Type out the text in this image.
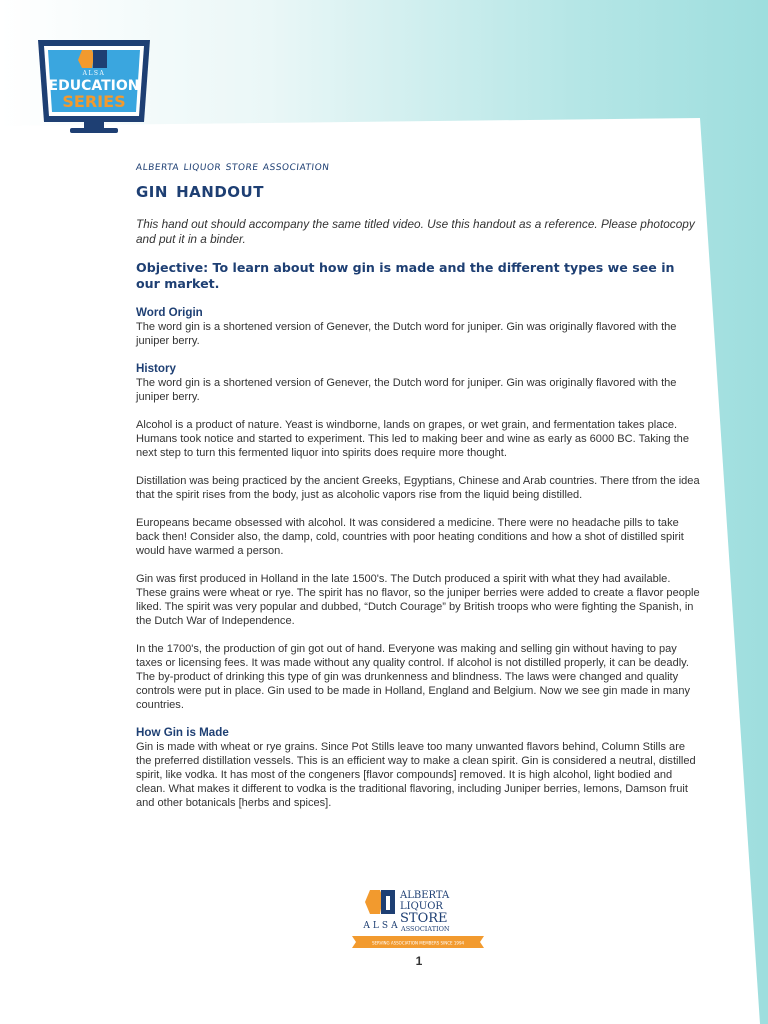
ALSA
EDUCATION
SERIES
alberta liquor store association
gin handout
This hand out should accompany the same titled video. Use this handout as a reference. Please photocopy and put it in a binder.
Objective: To learn about how gin is made and the different types we see in our market.
Word Origin

The word gin is a shortened version of Genever, the Dutch word for juniper. Gin was originally flavored with the juniper berry.

History

The word gin is a shortened version of Genever, the Dutch word for juniper. Gin was originally flavored with the juniper berry.

Alcohol is a product of nature. Yeast is windborne, lands on grapes, or wet grain, and fermentation takes place. Humans took notice and started to experiment. This led to making beer and wine as early as 6000 BC. Taking the next step to turn this fermented liquor into spirits does require more thought.

Distillation was being practiced by the ancient Greeks, Egyptians, Chinese and Arab countries. There tfrom the idea that the spirit rises from the body, just as alcoholic vapors rise from the liquid being distilled.

Europeans became obsessed with alcohol. It was considered a medicine. There were no headache pills to take back then! Consider also, the damp, cold, countries with poor heating conditions and how a shot of distilled spirit would have warmed a person.

Gin was first produced in Holland in the late 1500's. The Dutch produced a spirit with what they had available. These grains were wheat or rye. The spirit has no flavor, so the juniper berries were added to create a flavor people liked. The spirit was very popular and dubbed, “Dutch Courage” by British troops who were fighting the Spanish, in the Dutch War of Independence.

In the 1700's, the production of gin got out of hand. Everyone was making and selling gin without having to pay taxes or licensing fees. It was made without any quality control. If alcohol is not distilled properly, it can be deadly. The by-product of drinking this type of gin was drunkenness and blindness. The laws were changed and quality controls were put in place. Gin used to be made in Holland, England and Belgium. Now we see gin made in many countries.

How Gin is Made

Gin is made with wheat or rye grains. Since Pot Stills leave too many unwanted flavors behind, Column Stills are the preferred distillation vessels. This is an efficient way to make a clean spirit. Gin is considered a neutral, distilled spirit, like vodka. It has most of the congeners [flavor compounds] removed. It is high alcohol, light bodied and clean. What makes it different to vodka is the traditional flavoring, including Juniper berries, lemons, Damson fruit and other botanicals [herbs and spices].

ALSA
ALBERTA
LIQUOR
STORE
ASSOCIATION
SERVING ASSOCIATION MEMBERS SINCE 1994
1
